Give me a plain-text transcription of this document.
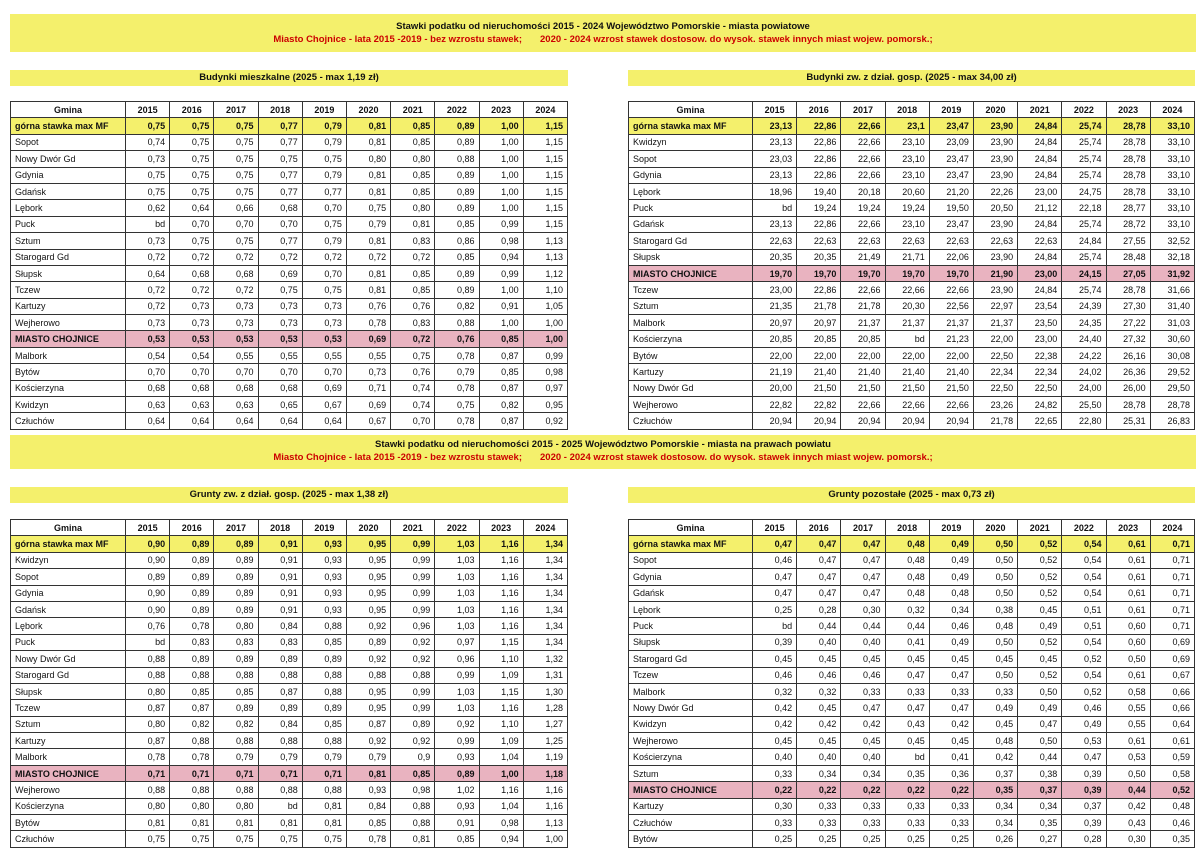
Stawki podatku od nieruchomości 2015 - 2024 Województwo Pomorskie - miasta powiatowe
Miasto Chojnice - lata 2015 -2019 - bez wzrostu stawek; 2020 - 2024 wzrost stawek dostosow. do wysok. stawek innych miast wojew. pomorsk.;
Stawki podatku od nieruchomości 2015 - 2025 Województwo Pomorskie - miasta na prawach powiatu
Miasto Chojnice - lata 2015 -2019 - bez wzrostu stawek; 2020 - 2024 wzrost stawek dostosow. do wysok. stawek innych miast wojew. pomorsk.;
Budynki mieszkalne (2025 - max 1,19 zł)	Budynki zw. z dział. gosp. (2025 - max 34,00 zł)
Grunty zw. z dział. gosp. (2025 - max 1,38 zł)	Grunty pozostałe (2025 - max 0,73 zł)
Gmina	2015	2016	2017	2018	2019	2020	2021	2022	2023	2024
górna stawka max MF	0,75	0,75	0,75	0,77	0,79	0,81	0,85	0,89	1,00	1,15
Sopot	0,74	0,75	0,75	0,77	0,79	0,81	0,85	0,89	1,00	1,15
Nowy Dwór Gd	0,73	0,75	0,75	0,75	0,75	0,80	0,80	0,88	1,00	1,15
Gdynia	0,75	0,75	0,75	0,77	0,79	0,81	0,85	0,89	1,00	1,15
Gdańsk	0,75	0,75	0,75	0,77	0,77	0,81	0,85	0,89	1,00	1,15
Lębork	0,62	0,64	0,66	0,68	0,70	0,75	0,80	0,89	1,00	1,15
Puck	bd	0,70	0,70	0,70	0,75	0,79	0,81	0,85	0,99	1,15
Sztum	0,73	0,75	0,75	0,77	0,79	0,81	0,83	0,86	0,98	1,13
Starogard Gd	0,72	0,72	0,72	0,72	0,72	0,72	0,72	0,85	0,94	1,13
Słupsk	0,64	0,68	0,68	0,69	0,70	0,81	0,85	0,89	0,99	1,12
Tczew	0,72	0,72	0,72	0,75	0,75	0,81	0,85	0,89	1,00	1,10
Kartuzy	0,72	0,73	0,73	0,73	0,73	0,76	0,76	0,82	0,91	1,05
Wejherowo	0,73	0,73	0,73	0,73	0,73	0,78	0,83	0,88	1,00	1,00
MIASTO CHOJNICE	0,53	0,53	0,53	0,53	0,53	0,69	0,72	0,76	0,85	1,00
Malbork	0,54	0,54	0,55	0,55	0,55	0,55	0,75	0,78	0,87	0,99
Bytów	0,70	0,70	0,70	0,70	0,70	0,73	0,76	0,79	0,85	0,98
Kościerzyna	0,68	0,68	0,68	0,68	0,69	0,71	0,74	0,78	0,87	0,97
Kwidzyn	0,63	0,63	0,63	0,65	0,67	0,69	0,74	0,75	0,82	0,95
Człuchów	0,64	0,64	0,64	0,64	0,64	0,67	0,70	0,78	0,87	0,92
Gmina	2015	2016	2017	2018	2019	2020	2021	2022	2023	2024
górna stawka max MF	23,13	22,86	22,66	23,1	23,47	23,90	24,84	25,74	28,78	33,10
Kwidzyn	23,13	22,86	22,66	23,10	23,09	23,90	24,84	25,74	28,78	33,10
Sopot	23,03	22,86	22,66	23,10	23,47	23,90	24,84	25,74	28,78	33,10
Gdynia	23,13	22,86	22,66	23,10	23,47	23,90	24,84	25,74	28,78	33,10
Lębork	18,96	19,40	20,18	20,60	21,20	22,26	23,00	24,75	28,78	33,10
Puck	bd	19,24	19,24	19,24	19,50	20,50	21,12	22,18	28,77	33,10
Gdańsk	23,13	22,86	22,66	23,10	23,47	23,90	24,84	25,74	28,72	33,10
Starogard Gd	22,63	22,63	22,63	22,63	22,63	22,63	22,63	24,84	27,55	32,52
Słupsk	20,35	20,35	21,49	21,71	22,06	23,90	24,84	25,74	28,48	32,18
MIASTO CHOJNICE	19,70	19,70	19,70	19,70	19,70	21,90	23,00	24,15	27,05	31,92
Tczew	23,00	22,86	22,66	22,66	22,66	23,90	24,84	25,74	28,78	31,66
Sztum	21,35	21,78	21,78	20,30	22,56	22,97	23,54	24,39	27,30	31,40
Malbork	20,97	20,97	21,37	21,37	21,37	21,37	23,50	24,35	27,22	31,03
Kościerzyna	20,85	20,85	20,85	bd	21,23	22,00	23,00	24,40	27,32	30,60
Bytów	22,00	22,00	22,00	22,00	22,00	22,50	22,38	24,22	26,16	30,08
Kartuzy	21,19	21,40	21,40	21,40	21,40	22,34	22,34	24,02	26,36	29,52
Nowy Dwór Gd	20,00	21,50	21,50	21,50	21,50	22,50	22,50	24,00	26,00	29,50
Wejherowo	22,82	22,82	22,66	22,66	22,66	23,26	24,82	25,50	28,78	28,78
Człuchów	20,94	20,94	20,94	20,94	20,94	21,78	22,65	22,80	25,31	26,83
Gmina	2015	2016	2017	2018	2019	2020	2021	2022	2023	2024
górna stawka max MF	0,90	0,89	0,89	0,91	0,93	0,95	0,99	1,03	1,16	1,34
Kwidzyn	0,90	0,89	0,89	0,91	0,93	0,95	0,99	1,03	1,16	1,34
Sopot	0,89	0,89	0,89	0,91	0,93	0,95	0,99	1,03	1,16	1,34
Gdynia	0,90	0,89	0,89	0,91	0,93	0,95	0,99	1,03	1,16	1,34
Gdańsk	0,90	0,89	0,89	0,91	0,93	0,95	0,99	1,03	1,16	1,34
Lębork	0,76	0,78	0,80	0,84	0,88	0,92	0,96	1,03	1,16	1,34
Puck	bd	0,83	0,83	0,83	0,85	0,89	0,92	0,97	1,15	1,34
Nowy Dwór Gd	0,88	0,89	0,89	0,89	0,89	0,92	0,92	0,96	1,10	1,32
Starogard Gd	0,88	0,88	0,88	0,88	0,88	0,88	0,88	0,99	1,09	1,31
Słupsk	0,80	0,85	0,85	0,87	0,88	0,95	0,99	1,03	1,15	1,30
Tczew	0,87	0,87	0,89	0,89	0,89	0,95	0,99	1,03	1,16	1,28
Sztum	0,80	0,82	0,82	0,84	0,85	0,87	0,89	0,92	1,10	1,27
Kartuzy	0,87	0,88	0,88	0,88	0,88	0,92	0,92	0,99	1,09	1,25
Malbork	0,78	0,78	0,79	0,79	0,79	0,79	0,9	0,93	1,04	1,19
MIASTO CHOJNICE	0,71	0,71	0,71	0,71	0,71	0,81	0,85	0,89	1,00	1,18
Wejherowo	0,88	0,88	0,88	0,88	0,88	0,93	0,98	1,02	1,16	1,16
Kościerzyna	0,80	0,80	0,80	bd	0,81	0,84	0,88	0,93	1,04	1,16
Bytów	0,81	0,81	0,81	0,81	0,81	0,85	0,88	0,91	0,98	1,13
Człuchów	0,75	0,75	0,75	0,75	0,75	0,78	0,81	0,85	0,94	1,00
Gmina	2015	2016	2017	2018	2019	2020	2021	2022	2023	2024
górna stawka max MF	0,47	0,47	0,47	0,48	0,49	0,50	0,52	0,54	0,61	0,71
Sopot	0,46	0,47	0,47	0,48	0,49	0,50	0,52	0,54	0,61	0,71
Gdynia	0,47	0,47	0,47	0,48	0,49	0,50	0,52	0,54	0,61	0,71
Gdańsk	0,47	0,47	0,47	0,48	0,48	0,50	0,52	0,54	0,61	0,71
Lębork	0,25	0,28	0,30	0,32	0,34	0,38	0,45	0,51	0,61	0,71
Puck	bd	0,44	0,44	0,44	0,46	0,48	0,49	0,51	0,60	0,71
Słupsk	0,39	0,40	0,40	0,41	0,49	0,50	0,52	0,54	0,60	0,69
Starogard Gd	0,45	0,45	0,45	0,45	0,45	0,45	0,45	0,52	0,50	0,69
Tczew	0,46	0,46	0,46	0,47	0,47	0,50	0,52	0,54	0,61	0,67
Malbork	0,32	0,32	0,33	0,33	0,33	0,33	0,50	0,52	0,58	0,66
Nowy Dwór Gd	0,42	0,45	0,47	0,47	0,47	0,49	0,49	0,46	0,55	0,66
Kwidzyn	0,42	0,42	0,42	0,43	0,42	0,45	0,47	0,49	0,55	0,64
Wejherowo	0,45	0,45	0,45	0,45	0,45	0,48	0,50	0,53	0,61	0,61
Kościerzyna	0,40	0,40	0,40	bd	0,41	0,42	0,44	0,47	0,53	0,59
Sztum	0,33	0,34	0,34	0,35	0,36	0,37	0,38	0,39	0,50	0,58
MIASTO CHOJNICE	0,22	0,22	0,22	0,22	0,22	0,35	0,37	0,39	0,44	0,52
Kartuzy	0,30	0,33	0,33	0,33	0,33	0,34	0,34	0,37	0,42	0,48
Człuchów	0,33	0,33	0,33	0,33	0,33	0,34	0,35	0,39	0,43	0,46
Bytów	0,25	0,25	0,25	0,25	0,25	0,26	0,27	0,28	0,30	0,35
